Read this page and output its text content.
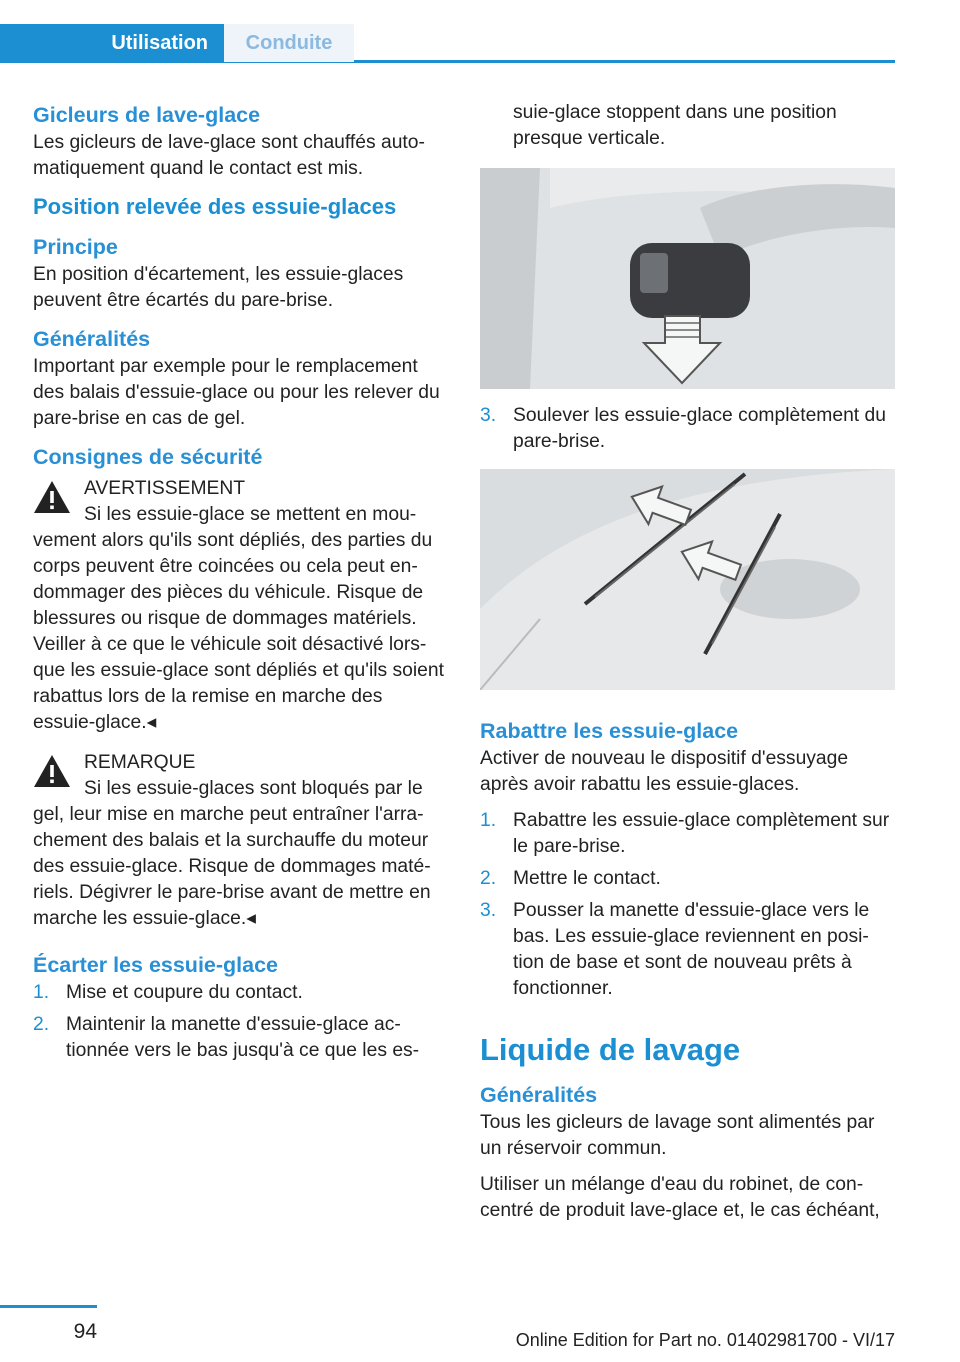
Utilisation	Conduite
Gicleurs de lave-glace
Les gicleurs de lave-glace sont chauffés auto-matiquement quand le contact est mis.
Position relevée des essuie-glaces
Principe
En position d'écartement, les essuie-glaces peuvent être écartés du pare-brise.
Généralités
Important par exemple pour le remplacement des balais d'essuie-glace ou pour les relever du pare-brise en cas de gel.
Consignes de sécurité
AVERTISSEMENT
Si les essuie-glace se mettent en mou-vement alors qu'ils sont dépliés, des parties du corps peuvent être coincées ou cela peut en-dommager des pièces du véhicule. Risque de blessures ou risque de dommages matériels. Veiller à ce que le véhicule soit désactivé lors-que les essuie-glace sont dépliés et qu'ils soient rabattus lors de la remise en marche des essuie-glace.◂
REMARQUE
Si les essuie-glaces sont bloqués par le gel, leur mise en marche peut entraîner l'arra-chement des balais et la surchauffe du moteur des essuie-glace. Risque de dommages maté-riels. Dégivrer le pare-brise avant de mettre en marche les essuie-glace.◂
Écarter les essuie-glace
1. Mise et coupure du contact.
2. Maintenir la manette d'essuie-glace ac-tionnée vers le bas jusqu'à ce que les es-
suie-glace stoppent dans une position presque verticale.
3. Soulever les essuie-glace complètement du pare-brise.
Rabattre les essuie-glace
Activer de nouveau le dispositif d'essuyage après avoir rabattu les essuie-glaces.
1. Rabattre les essuie-glace complètement sur le pare-brise.
2. Mettre le contact.
3. Pousser la manette d'essuie-glace vers le bas. Les essuie-glace reviennent en posi-tion de base et sont de nouveau prêts à fonctionner.
Liquide de lavage
Généralités
Tous les gicleurs de lavage sont alimentés par un réservoir commun.
Utiliser un mélange d'eau du robinet, de con-centré de produit lave-glace et, le cas échéant,
94	Online Edition for Part no. 01402981700 - VI/17
